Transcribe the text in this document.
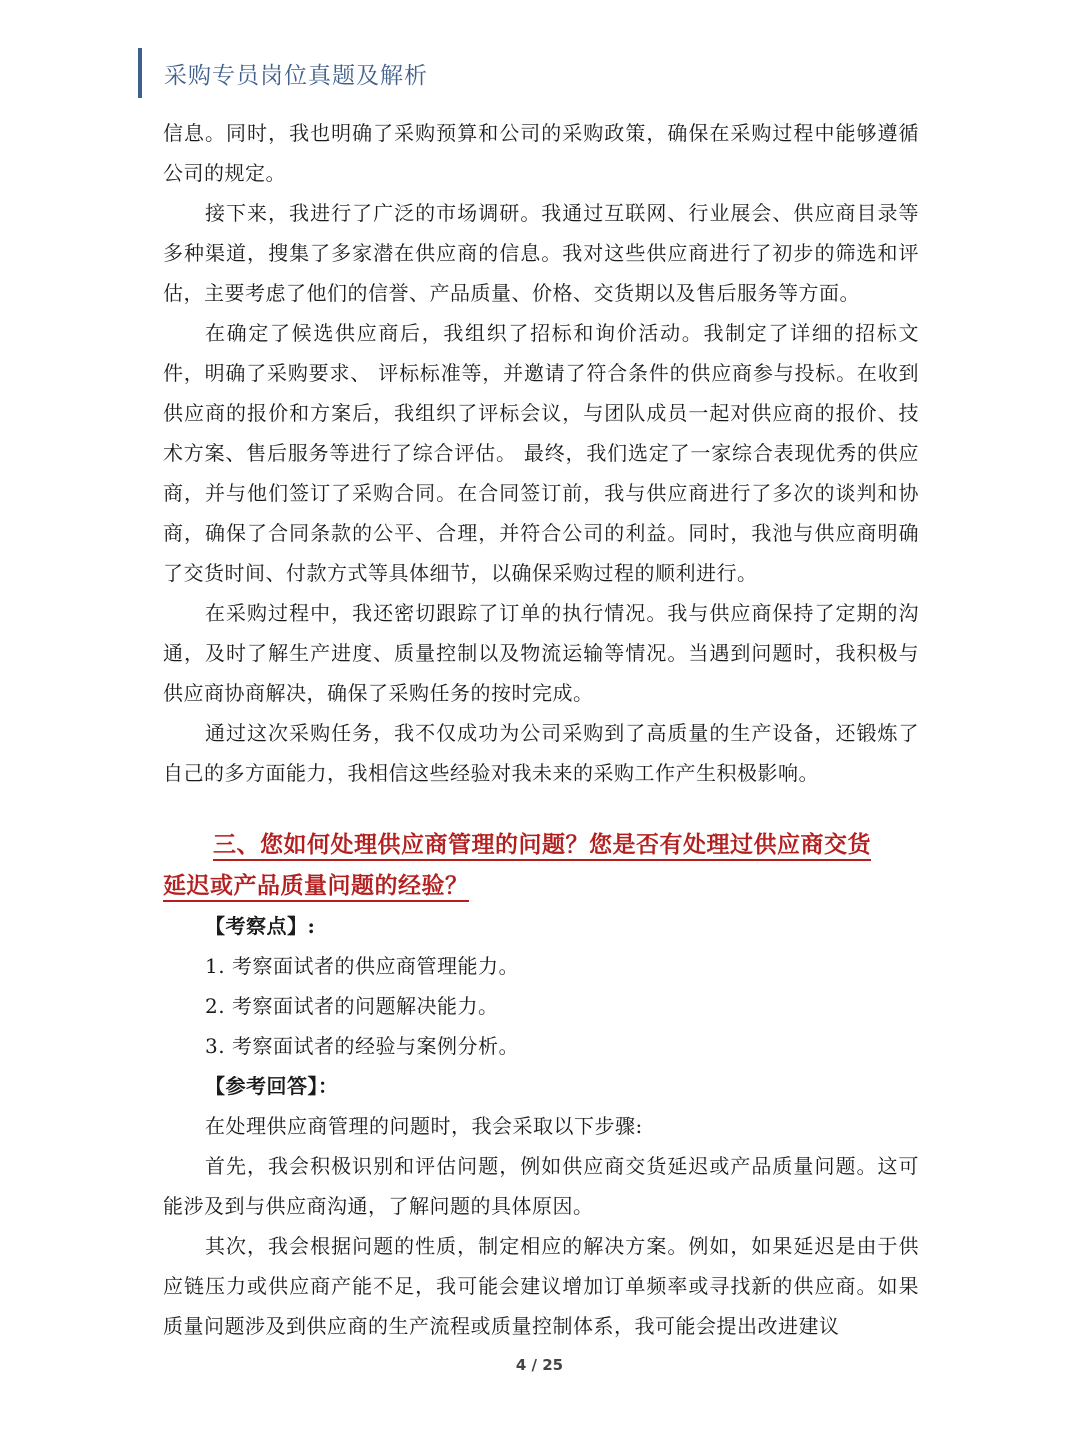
采购专员岗位真题及解析

信息。同时，我也明确了采购预算和公司的采购政策，确保在采购过程中能够遵循公司的规定。

接下来，我进行了广泛的市场调研。我通过互联网、行业展会、供应商目录等多种渠道，搜集了多家潜在供应商的信息。我对这些供应商进行了初步的筛选和评估，主要考虑了他们的信誉、产品质量、价格、交货期以及售后服务等方面。

在确定了候选供应商后，我组织了招标和询价活动。我制定了详细的招标文件，明确了采购要求、 评标标准等，并邀请了符合条件的供应商参与投标。在收到供应商的报价和方案后，我组织了评标会议，与团队成员一起对供应商的报价、技术方案、售后服务等进行了综合评估。 最终，我们选定了一家综合表现优秀的供应商，并与他们签订了采购合同。在合同签订前，我与供应商进行了多次的谈判和协商，确保了合同条款的公平、合理，并符合公司的利益。同时，我池与供应商明确了交货时间、付款方式等具体细节，以确保采购过程的顺利进行。

在采购过程中，我还密切跟踪了订单的执行情况。我与供应商保持了定期的沟通，及时了解生产进度、质量控制以及物流运输等情况。当遇到问题时，我积极与供应商协商解决，确保了采购任务的按时完成。

通过这次采购任务，我不仅成功为公司采购到了高质量的生产设备，还锻炼了自己的多方面能力，我相信这些经验对我未来的采购工作产生积极影响。

三、您如何处理供应商管理的问题？您是否有处理过供应商交货
延迟或产品质量问题的经验？
【考察点】:
1. 考察面试者的供应商管理能力。
2. 考察面试者的问题解决能力。
3. 考察面试者的经验与案例分析。
【参考回答】：

在处理供应商管理的问题时，我会采取以下步骤:

首先，我会积极识别和评估问题，例如供应商交货延迟或产品质量问题。这可能涉及到与供应商沟通，了解问题的具体原因。

其次，我会根据问题的性质，制定相应的解决方案。例如，如果延迟是由于供应链压力或供应商产能不足，我可能会建议增加订单频率或寻找新的供应商。如果质量问题涉及到供应商的生产流程或质量控制体系，我可能会提出改进建议

4 / 25
